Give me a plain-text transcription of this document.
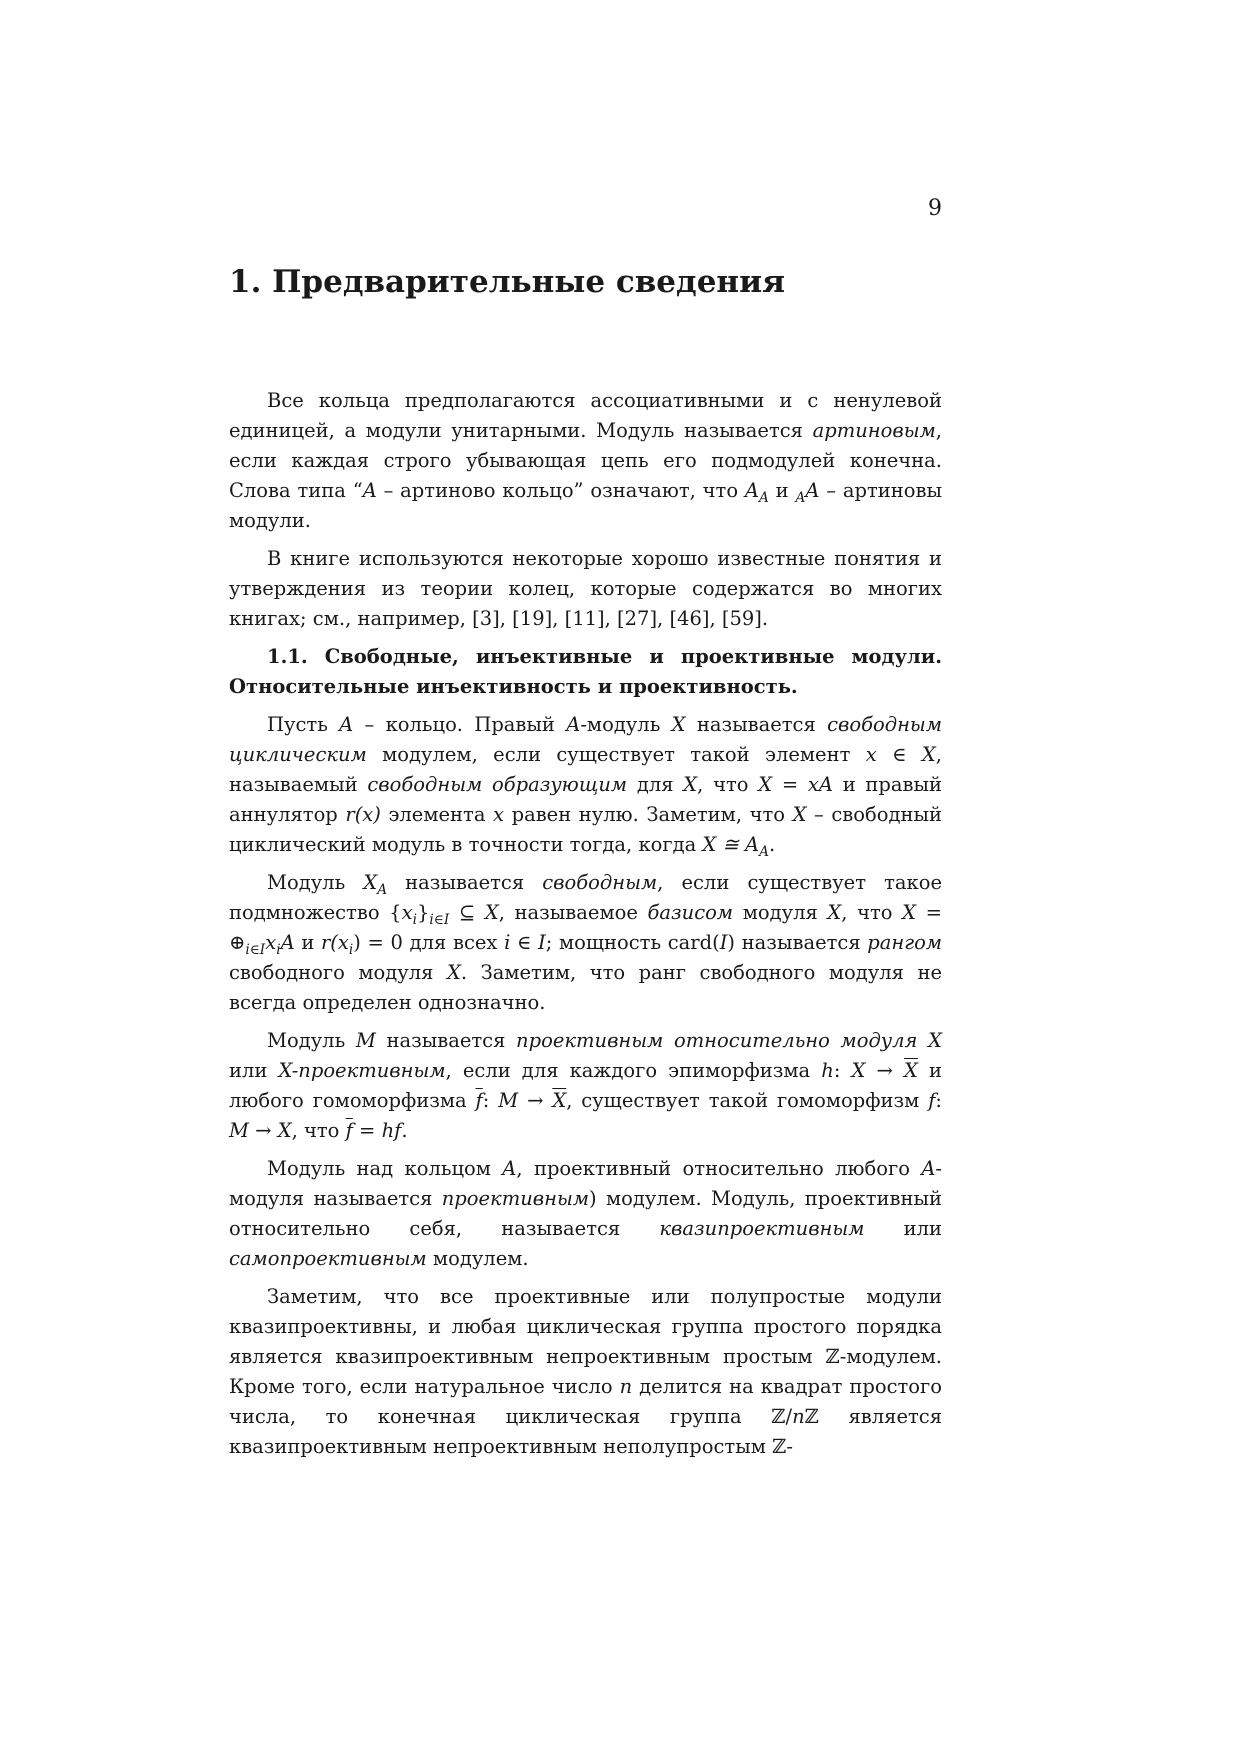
9
1. Предварительные сведения

Все кольца предполагаются ассоциативными и с ненулевой единицей, а модули унитарными. Модуль называется артиновым, если каждая строго убывающая цепь его подмодулей конечна. Слова типа “A – артиново кольцо” означают, что $A_A$ и $_A$A – артиновы модули.

В книге используются некоторые хорошо известные понятия и утверждения из теории колец, которые содержатся во многих книгах; см., например, [3], [19], [11], [27], [46], [59].

1.1. Свободные, инъективные и проективные модули. Относительные инъективность и проективность.

Пусть A – кольцо. Правый A-модуль X называется свободным циклическим модулем, если существует такой элемент x ∈ X, называемый свободным образующим для X, что X = xA и правый аннулятор r(x) элемента x равен нулю. Заметим, что X – свободный циклический модуль в точности тогда, когда X ≅ $A_A$.

Модуль $X_A$ называется свободным, если существует такое подмножество $\{x_i\}_{i\in I}$ ⊆ X, называемое базисом модуля X, что $X = \oplus_{i\in I}x_iA$ и $r(x_i) = 0$ для всех i ∈ I; мощность card(I) называется рангом свободного модуля X. Заметим, что ранг свободного модуля не всегда определен однозначно.

Модуль M называется проективным относительно модуля X или X-проективным, если для каждого эпиморфизма h: $X \to \overline{X}$ и любого гомоморфизма $\overline{f}$: $M \to \overline{X}$, существует такой гомоморфизм f: M → X, что $\overline{f}$ = hf.

Модуль над кольцом A, проективный относительно любого A-модуля называется проективным) модулем. Модуль, проективный относительно себя, называется квазипроективным или самопроективным модулем.

Заметим, что все проективные или полупростые модули квазипроективны, и любая циклическая группа простого порядка является квазипроективным непроективным простым ℤ-модулем. Кроме того, если натуральное число n делится на квадрат простого числа, то конечная циклическая группа ℤ/nℤ является квазипроективным непроективным неполупростым ℤ-
